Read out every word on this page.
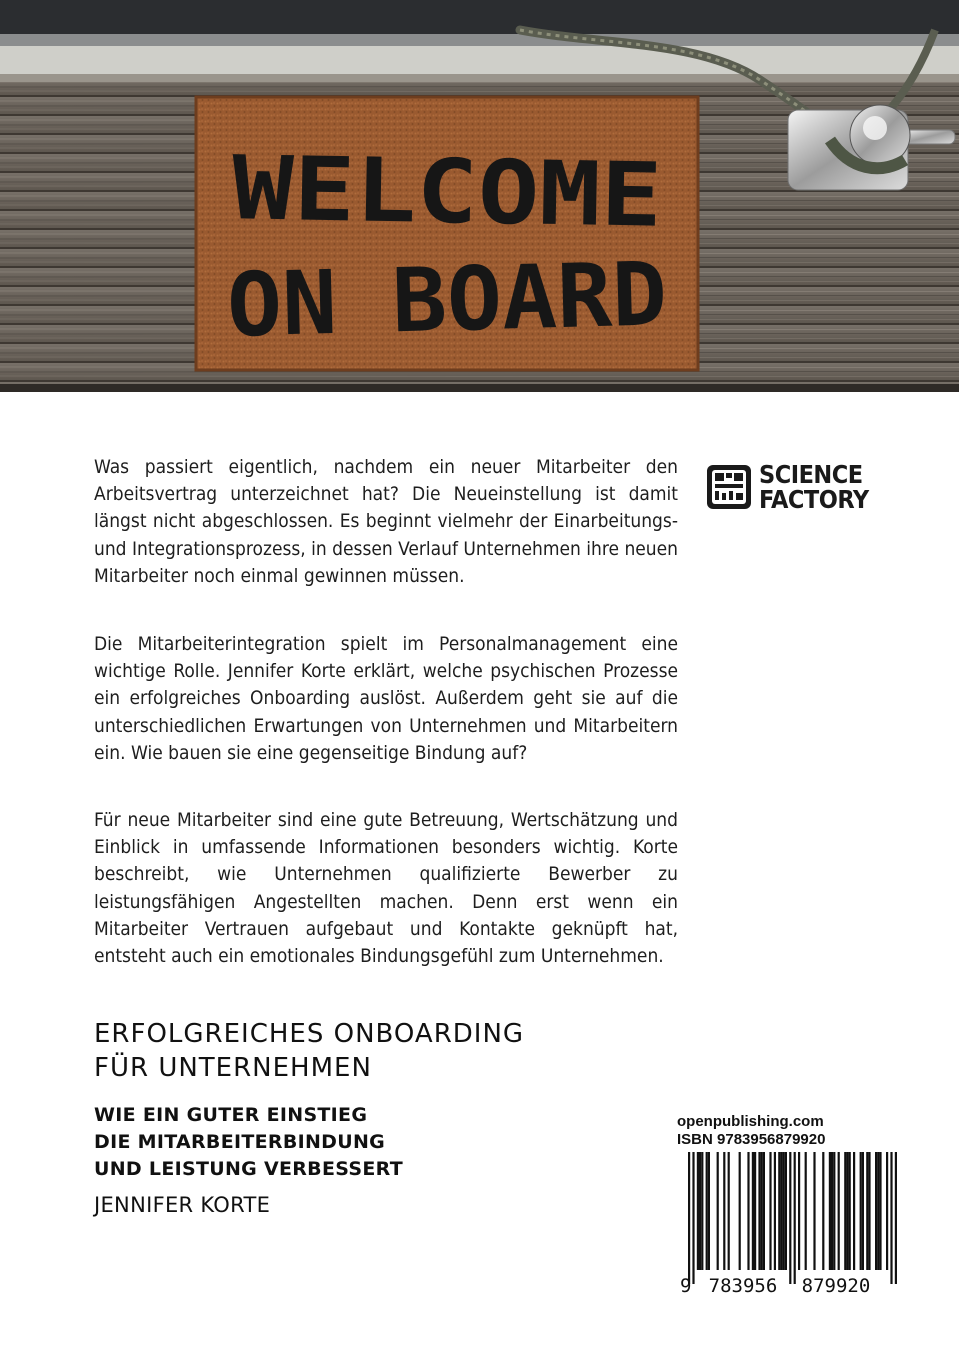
WELCOME
ON BOARD

Was passiert eigentlich, nachdem ein neuer Mitarbeiter den Arbeitsvertrag unterzeichnet hat? Die Neueinstellung ist damit längst nicht abgeschlossen. Es beginnt vielmehr der Einarbeitungs- und Integrationsprozess, in dessen Verlauf Unternehmen ihre neuen Mitarbeiter noch einmal gewinnen müssen.

Die Mitarbeiterintegration spielt im Personalmanagement eine wichtige Rolle. Jennifer Korte erklärt, welche psychischen Prozesse ein erfolgreiches Onboarding auslöst. Außerdem geht sie auf die unterschiedlichen Erwartungen von Unternehmen und Mitarbeitern ein. Wie bauen sie eine gegenseitige Bindung auf?

Für neue Mitarbeiter sind eine gute Betreuung, Wertschätzung und Einblick in umfassende Informationen besonders wichtig. Korte beschreibt, wie Unternehmen qualifizierte Bewerber zu leistungsfähigen Angestellten machen. Denn erst wenn ein Mitarbeiter Vertrauen aufgebaut und Kontakte geknüpft hat, entsteht auch ein emotionales Bindungsgefühl zum Unternehmen.

SCIENCE
FACTORY
ERFOLGREICHES ONBOARDING
FÜR UNTERNEHMEN
WIE EIN GUTER EINSTIEG
DIE MITARBEITERBINDUNG
UND LEISTUNG VERBESSERT

JENNIFER KORTE

openpublishing.com
ISBN 9783956879920
9 783956 879920
